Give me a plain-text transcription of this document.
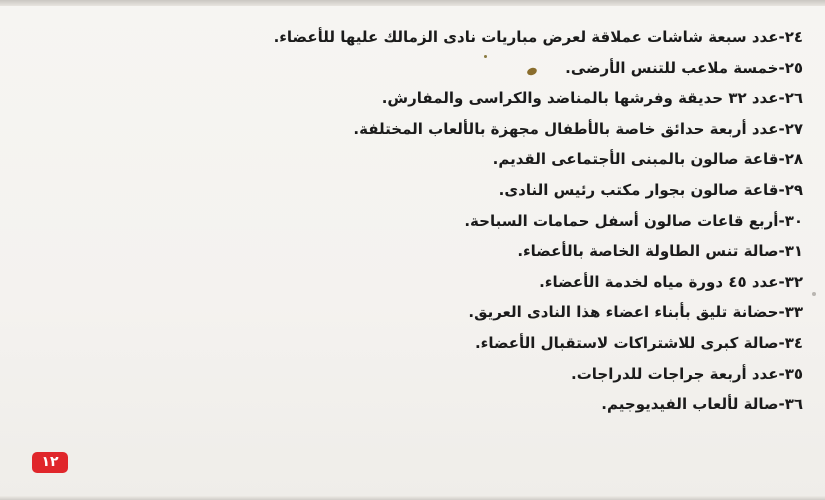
٢٤-عدد سبعة شاشات عملاقة لعرض مباريات نادى الزمالك عليها للأعضاء.
٢٥-خمسة ملاعب للتنس الأرضى.
٢٦-عدد ٣٢ حديقة وفرشها بالمناضد والكراسى والمفارش.
٢٧-عدد أربعة حدائق خاصة بالأطفال مجهزة بالألعاب المختلفة.
٢٨-قاعة صالون بالمبنى الأجتماعى القديم.
٢٩-قاعة صالون بجوار مكتب رئيس النادى.
٣٠-أربع قاعات صالون أسفل حمامات السباحة.
٣١-صالة تنس الطاولة الخاصة بالأعضاء.
٣٢-عدد ٤٥ دورة مياه لخدمة الأعضاء.
٣٣-حضانة تليق بأبناء اعضاء هذا النادى العريق.
٣٤-صالة كبرى للاشتراكات لاستقبال الأعضاء.
٣٥-عدد أربعة جراجات للدراجات.
٣٦-صالة لألعاب الفيديوجيم.
١٢
